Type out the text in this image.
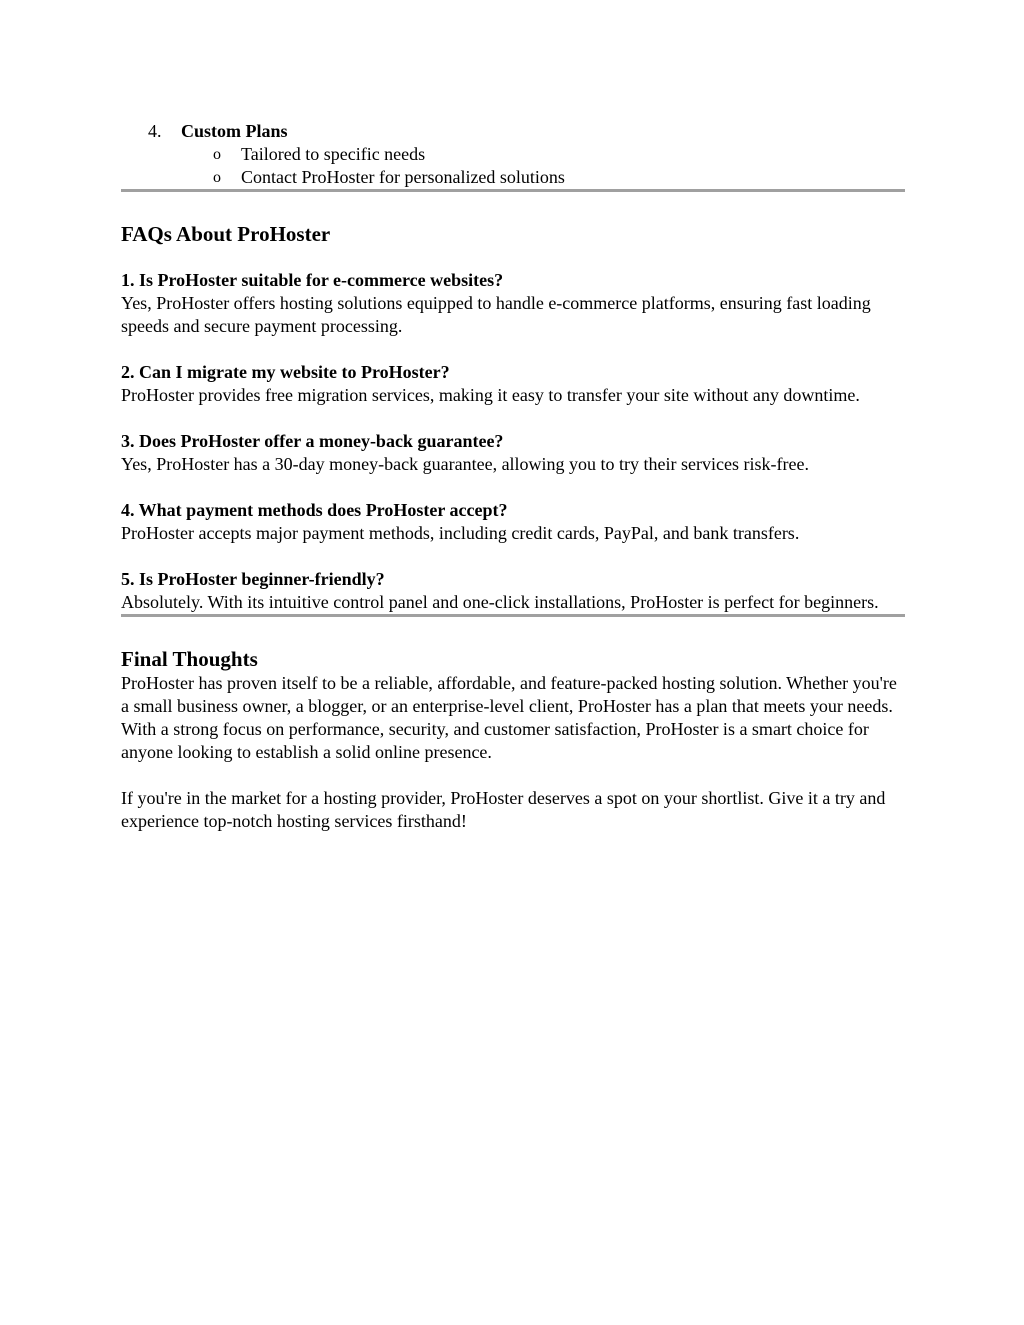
4. Custom Plans
o Tailored to specific needs
o Contact ProHoster for personalized solutions
FAQs About ProHoster
1. Is ProHoster suitable for e-commerce websites?
Yes, ProHoster offers hosting solutions equipped to handle e-commerce platforms, ensuring fast loading speeds and secure payment processing.
2. Can I migrate my website to ProHoster?
ProHoster provides free migration services, making it easy to transfer your site without any downtime.
3. Does ProHoster offer a money-back guarantee?
Yes, ProHoster has a 30-day money-back guarantee, allowing you to try their services risk-free.
4. What payment methods does ProHoster accept?
ProHoster accepts major payment methods, including credit cards, PayPal, and bank transfers.
5. Is ProHoster beginner-friendly?
Absolutely. With its intuitive control panel and one-click installations, ProHoster is perfect for beginners.
Final Thoughts

ProHoster has proven itself to be a reliable, affordable, and feature-packed hosting solution. Whether you're a small business owner, a blogger, or an enterprise-level client, ProHoster has a plan that meets your needs. With a strong focus on performance, security, and customer satisfaction, ProHoster is a smart choice for anyone looking to establish a solid online presence.

If you're in the market for a hosting provider, ProHoster deserves a spot on your shortlist. Give it a try and experience top-notch hosting services firsthand!
